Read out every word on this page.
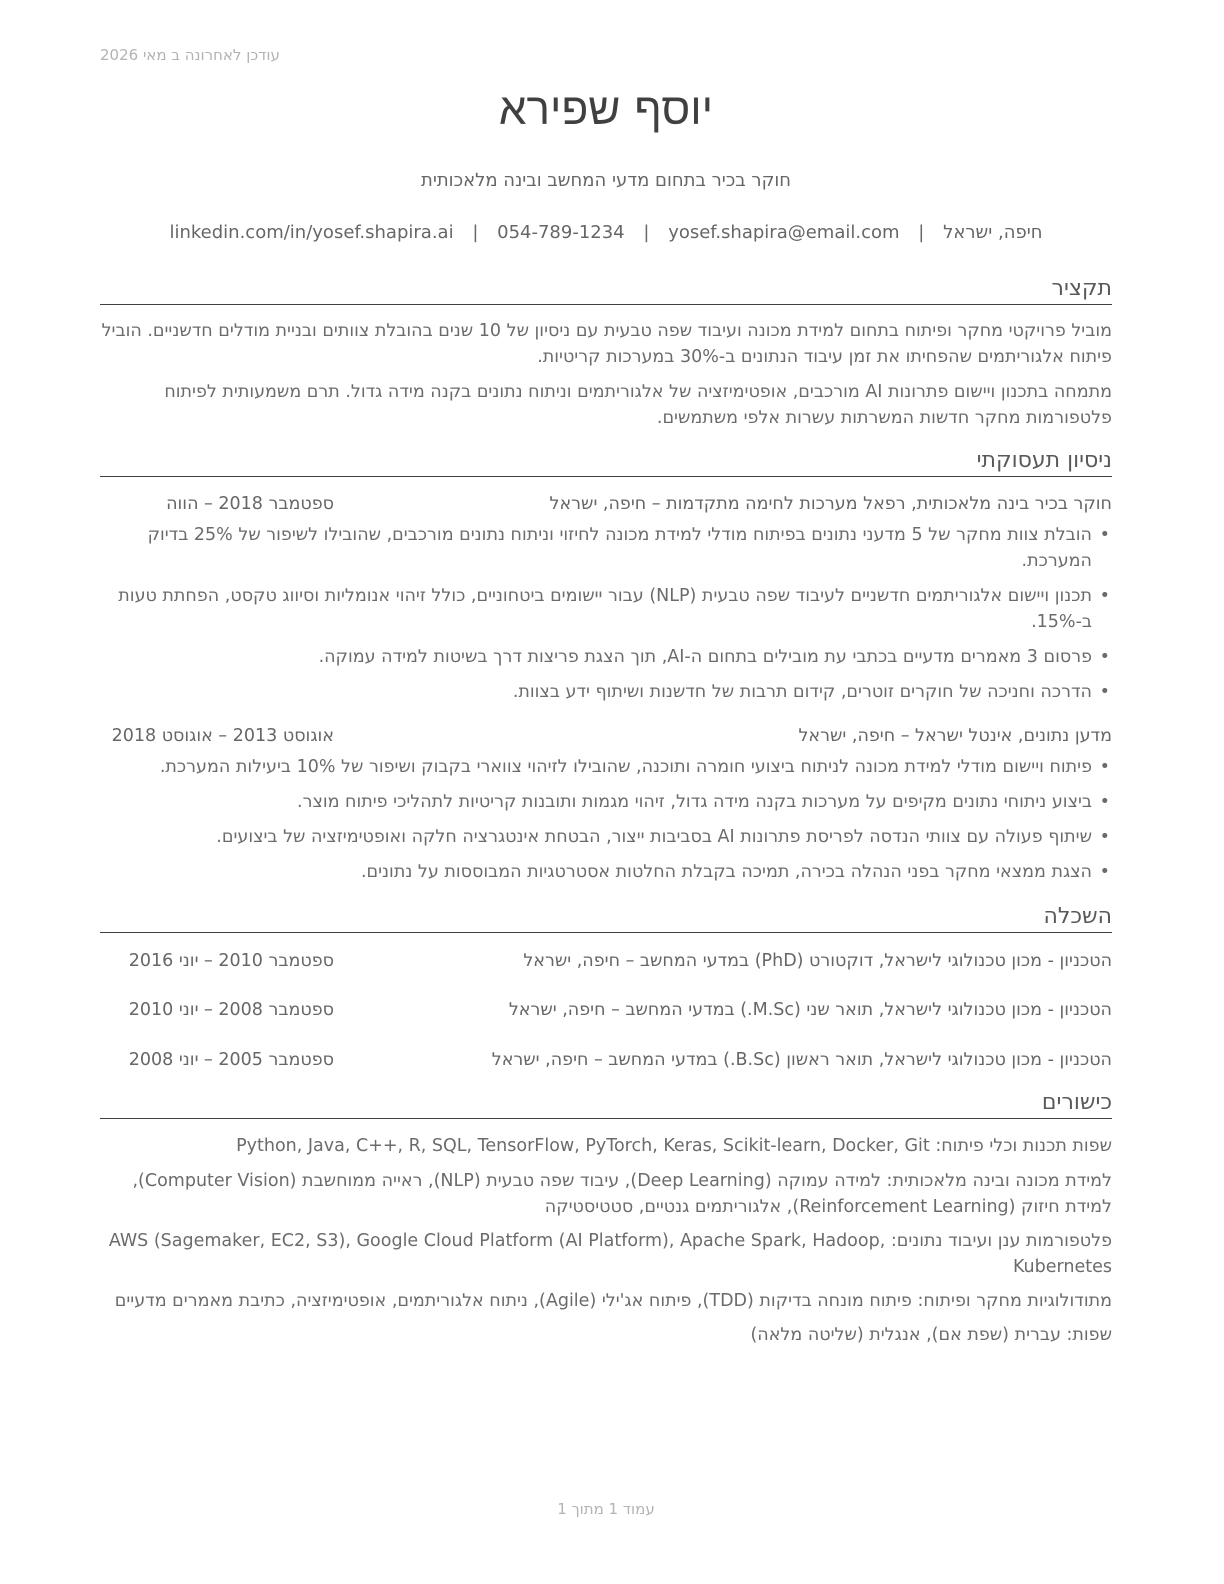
עודכן לאחרונה ב מאי 2026
יוסף שפירא
חוקר בכיר בתחום מדעי המחשב ובינה מלאכותית
חיפה, ישראל | yosef.shapira@email.com | 054-789-1234 | linkedin.com/in/yosef.shapira.ai
תקציר
מוביל פרויקטי מחקר ופיתוח בתחום למידת מכונה ועיבוד שפה טבעית עם ניסיון של 10 שנים בהובלת צוותים ובניית מודלים חדשניים. הוביל פיתוח אלגוריתמים שהפחיתו את זמן עיבוד הנתונים ב-30% במערכות קריטיות.
מתמחה בתכנון ויישום פתרונות AI מורכבים, אופטימיזציה של אלגוריתמים וניתוח נתונים בקנה מידה גדול. תרם משמעותית לפיתוח פלטפורמות מחקר חדשות המשרתות עשרות אלפי משתמשים.
ניסיון תעסוקתי
חוקר בכיר בינה מלאכותית, רפאל מערכות לחימה מתקדמות – חיפה, ישראל
ספטמבר 2018 – הווה
• הובלת צוות מחקר של 5 מדעני נתונים בפיתוח מודלי למידת מכונה לחיזוי וניתוח נתונים מורכבים, שהובילו לשיפור של 25% בדיוק המערכת.
• תכנון ויישום אלגוריתמים חדשניים לעיבוד שפה טבעית (NLP) עבור יישומים ביטחוניים, כולל זיהוי אנומליות וסיווג טקסט, הפחתת טעות ב-15%.
• פרסום 3 מאמרים מדעיים בכתבי עת מובילים בתחום ה-AI, תוך הצגת פריצות דרך בשיטות למידה עמוקה.
• הדרכה וחניכה של חוקרים זוטרים, קידום תרבות של חדשנות ושיתוף ידע בצוות.
מדען נתונים, אינטל ישראל – חיפה, ישראל
אוגוסט 2013 – אוגוסט 2018
• פיתוח ויישום מודלי למידת מכונה לניתוח ביצועי חומרה ותוכנה, שהובילו לזיהוי צווארי בקבוק ושיפור של 10% ביעילות המערכת.
• ביצוע ניתוחי נתונים מקיפים על מערכות בקנה מידה גדול, זיהוי מגמות ותובנות קריטיות לתהליכי פיתוח מוצר.
• שיתוף פעולה עם צוותי הנדסה לפריסת פתרונות AI בסביבות ייצור, הבטחת אינטגרציה חלקה ואופטימיזציה של ביצועים.
• הצגת ממצאי מחקר בפני הנהלה בכירה, תמיכה בקבלת החלטות אסטרטגיות המבוססות על נתונים.
השכלה
הטכניון - מכון טכנולוגי לישראל, דוקטורט (PhD) במדעי המחשב – חיפה, ישראל
ספטמבר 2010 – יוני 2016
הטכניון - מכון טכנולוגי לישראל, תואר שני (M.Sc.) במדעי המחשב – חיפה, ישראל
ספטמבר 2008 – יוני 2010
הטכניון - מכון טכנולוגי לישראל, תואר ראשון (B.Sc.) במדעי המחשב – חיפה, ישראל
ספטמבר 2005 – יוני 2008
כישורים
שפות תכנות וכלי פיתוח: Python, Java, C++, R, SQL, TensorFlow, PyTorch, Keras, Scikit-learn, Docker, Git
למידת מכונה ובינה מלאכותית: למידה עמוקה (Deep Learning), עיבוד שפה טבעית (NLP), ראייה ממוחשבת (Computer Vision), למידת חיזוק (Reinforcement Learning), אלגוריתמים גנטיים, סטטיסטיקה
פלטפורמות ענן ועיבוד נתונים: AWS (Sagemaker, EC2, S3), Google Cloud Platform (AI Platform), Apache Spark, Hadoop, Kubernetes
מתודולוגיות מחקר ופיתוח: פיתוח מונחה בדיקות (TDD), פיתוח אג'ילי (Agile), ניתוח אלגוריתמים, אופטימיזציה, כתיבת מאמרים מדעיים
שפות: עברית (שפת אם), אנגלית (שליטה מלאה)
עמוד 1 מתוך 1
